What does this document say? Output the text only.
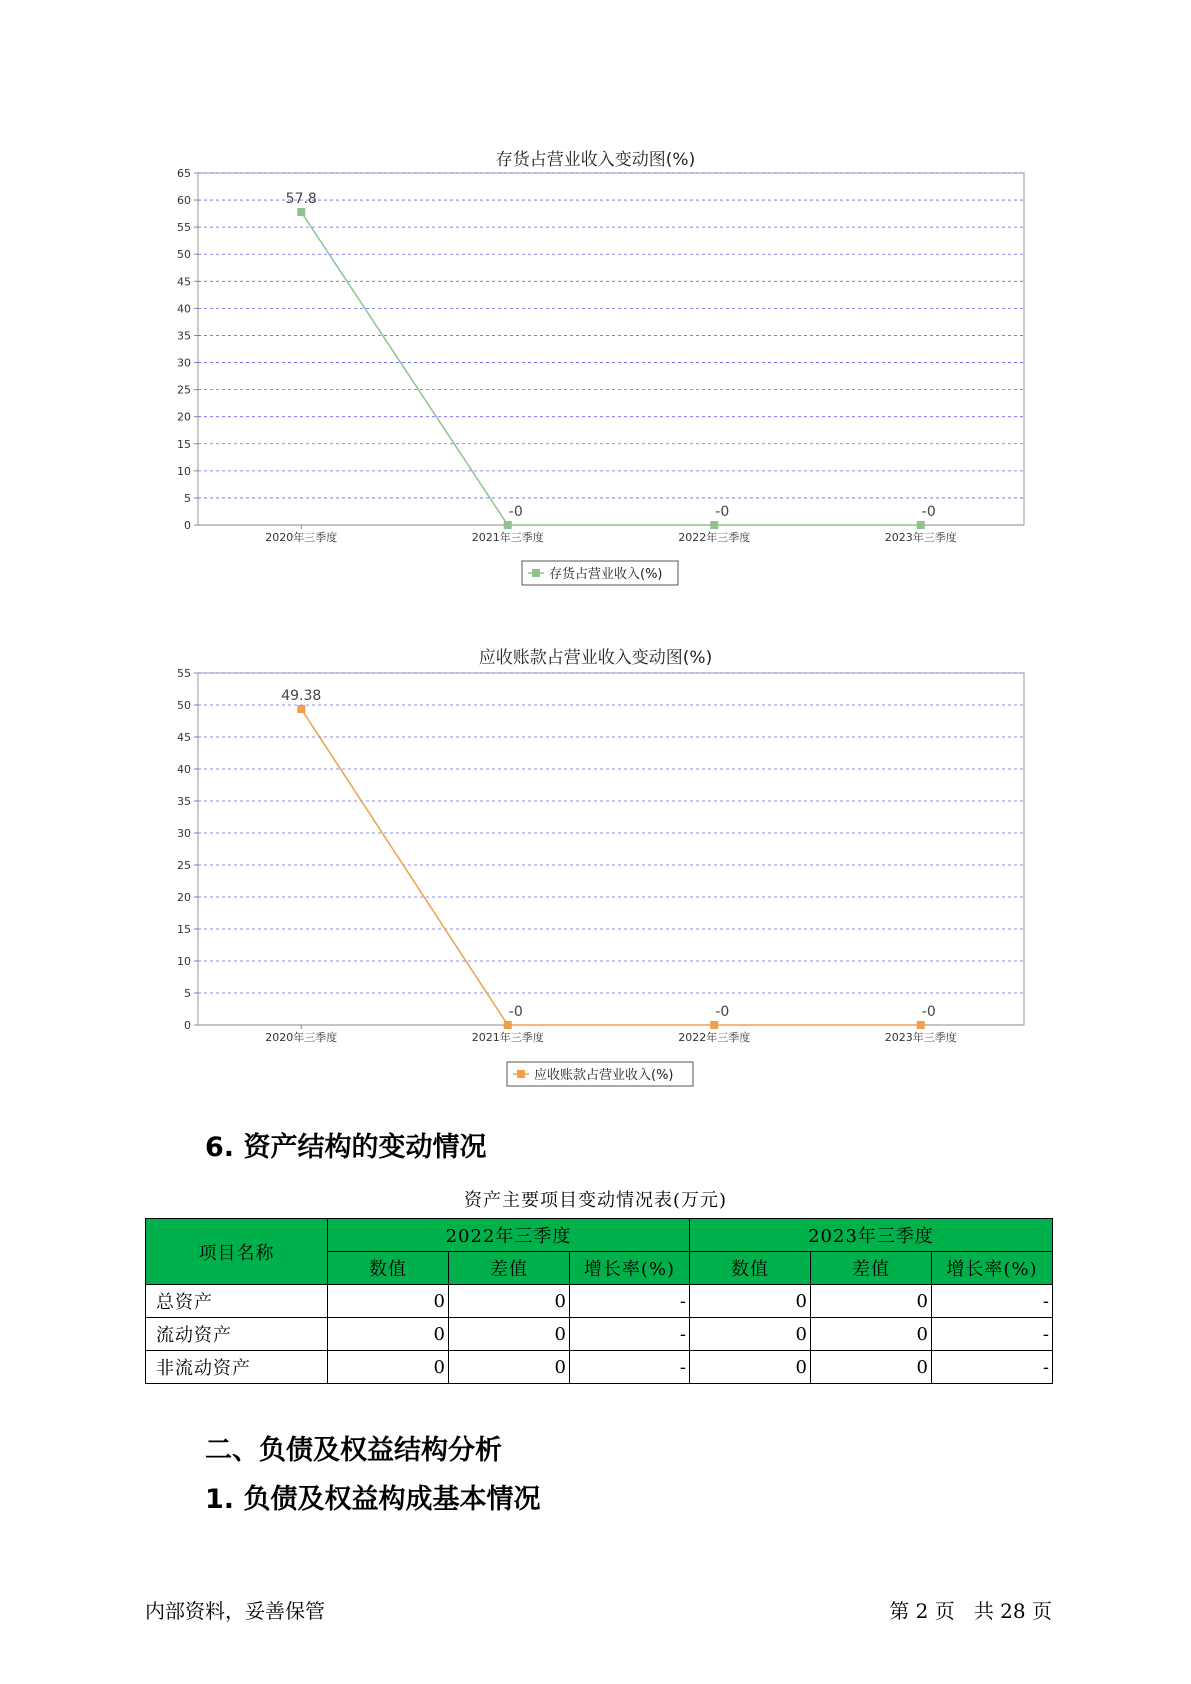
存货占营业收入变动图(%)
0
5
10
15
20
25
30
35
40
45
50
55
60
65
2020年三季度	2021年三季度	2022年三季度	2023年三季度
57.8
-0	-0	-0
存货占营业收入(%)
应收账款占营业收入变动图(%)
0
5
10
15
20
25
30
35
40
45
50
55
2020年三季度	2021年三季度	2022年三季度	2023年三季度
49.38
-0	-0	-0
应收账款占营业收入(%)
6. 资产结构的变动情况
资产主要项目变动情况表(万元)
项目名称	2022年三季度			2023年三季度		
	数值	差值	增长率(%)	数值	差值	增长率(%)
总资产	0	0	-	0	0	-
流动资产	0	0	-	0	0	-
非流动资产	0	0	-	0	0	-
二、负债及权益结构分析
1. 负债及权益构成基本情况
内部资料，妥善保管	第 2 页   共 28 页
